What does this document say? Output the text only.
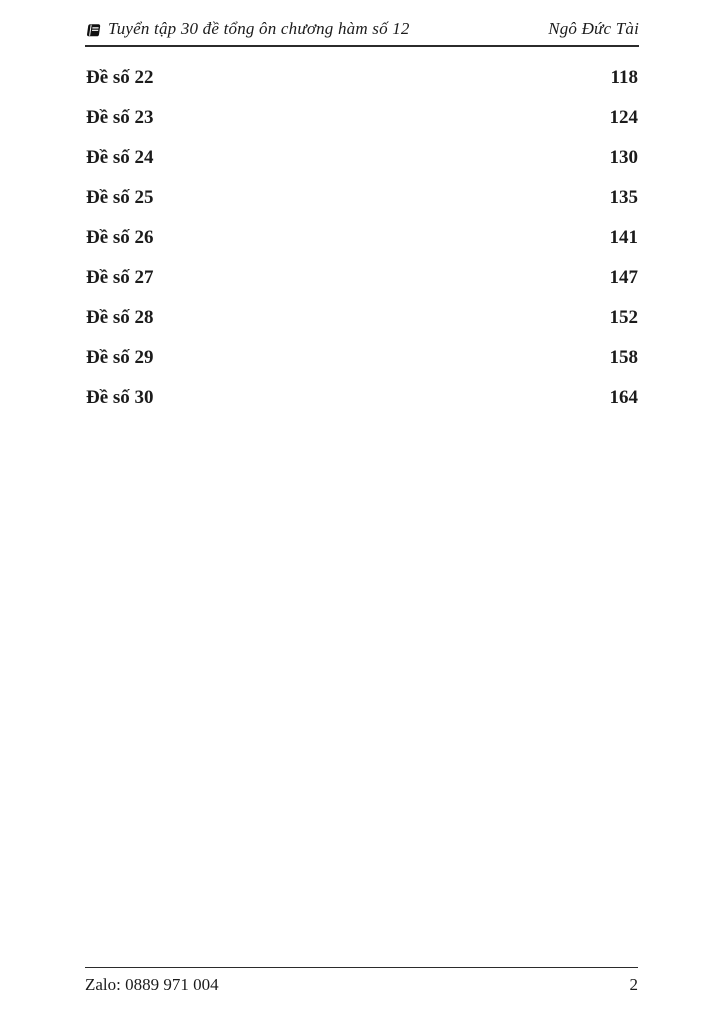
Tuyển tập 30 đề tổng ôn chương hàm số 12	Ngô Đức Tài
Đề số 22	118
Đề số 23	124
Đề số 24	130
Đề số 25	135
Đề số 26	141
Đề số 27	147
Đề số 28	152
Đề số 29	158
Đề số 30	164
Zalo: 0889 971 004	2
